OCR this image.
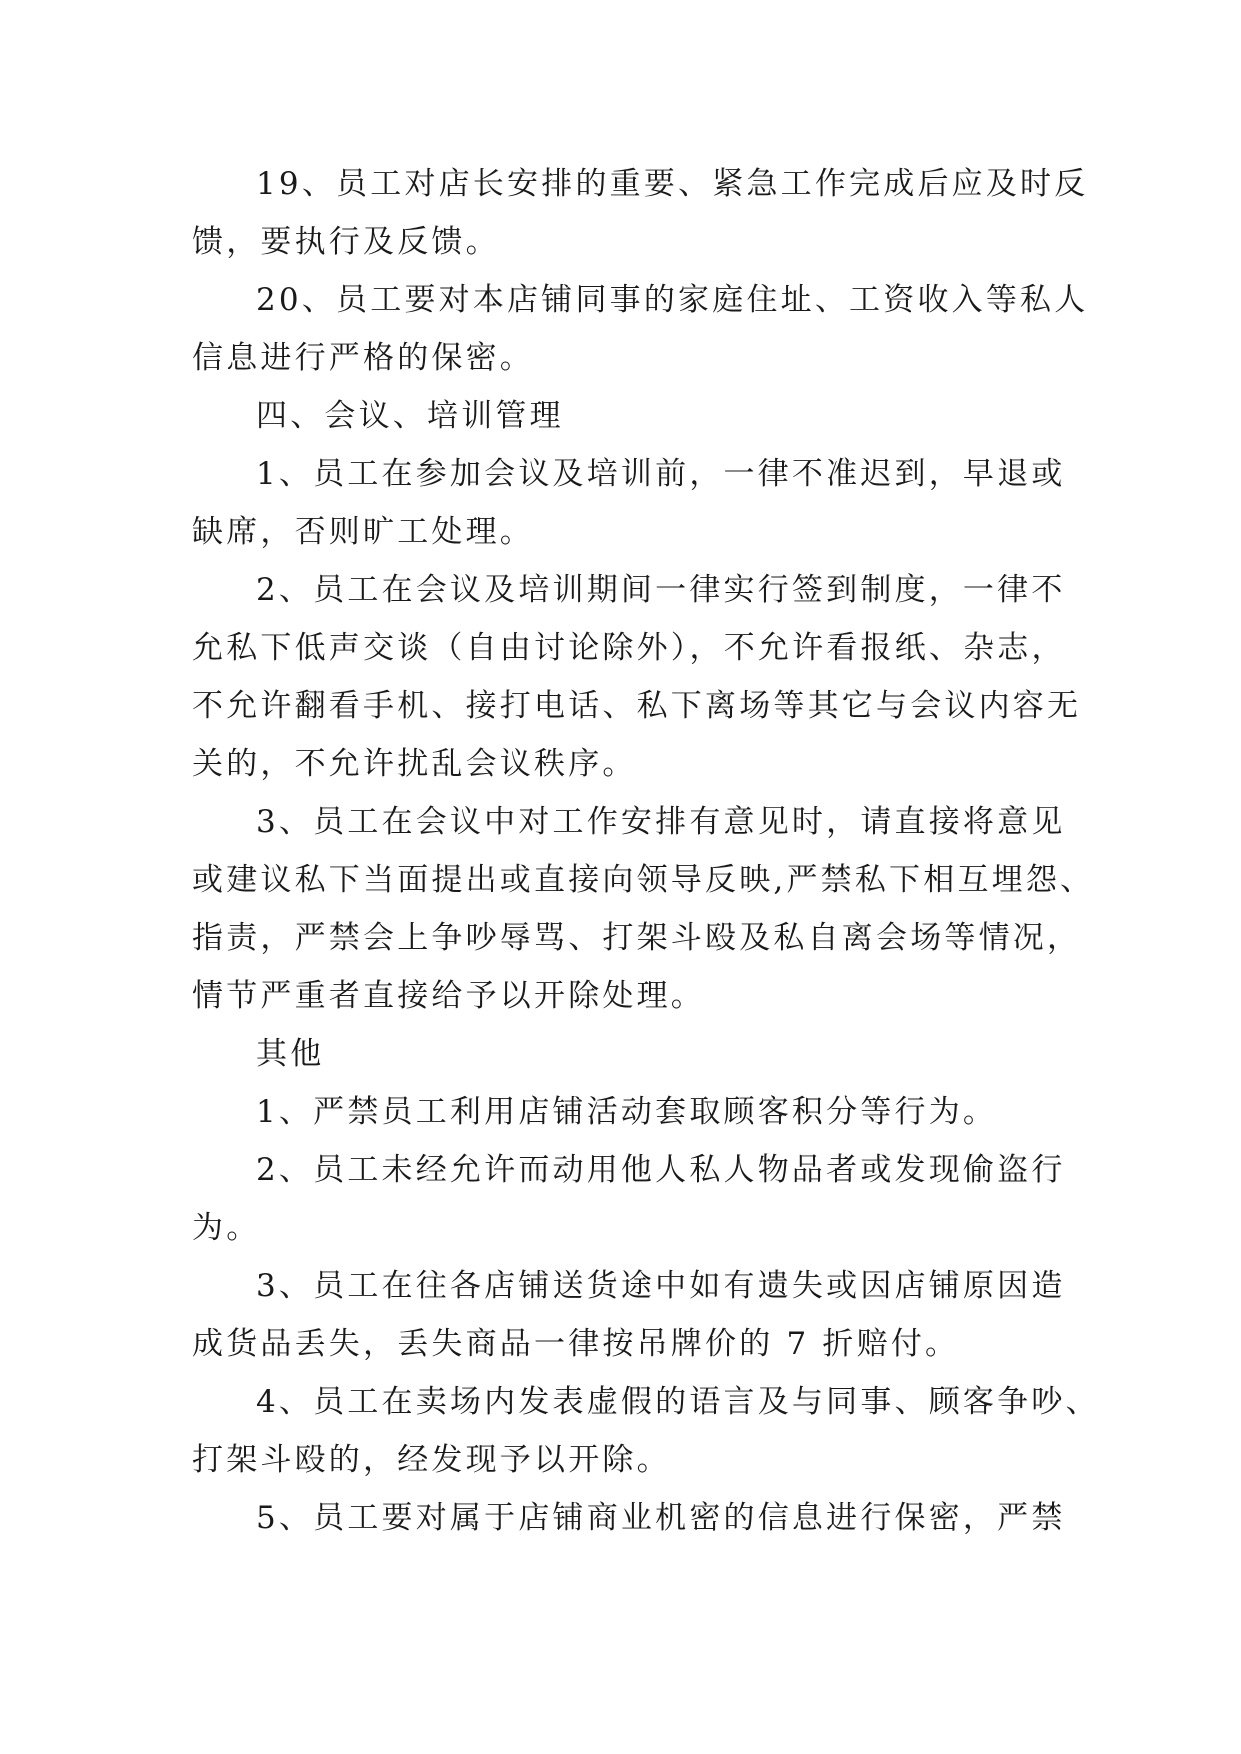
19、员工对店长安排的重要、紧急工作完成后应及时反

馈，要执行及反馈。

20、员工要对本店铺同事的家庭住址、工资收入等私人

信息进行严格的保密。

四、会议、培训管理

1、员工在参加会议及培训前，一律不准迟到，早退或

缺席，否则旷工处理。

2、员工在会议及培训期间一律实行签到制度，一律不

允私下低声交谈（自由讨论除外），不允许看报纸、杂志，

不允许翻看手机、接打电话、私下离场等其它与会议内容无

关的，不允许扰乱会议秩序。

3、员工在会议中对工作安排有意见时，请直接将意见

或建议私下当面提出或直接向领导反映,严禁私下相互埋怨、

指责，严禁会上争吵辱骂、打架斗殴及私自离会场等情况，

情节严重者直接给予以开除处理。

其他

1、严禁员工利用店铺活动套取顾客积分等行为。

2、员工未经允许而动用他人私人物品者或发现偷盗行

为。

3、员工在往各店铺送货途中如有遗失或因店铺原因造

成货品丢失，丢失商品一律按吊牌价的 7 折赔付。

4、员工在卖场内发表虚假的语言及与同事、顾客争吵、

打架斗殴的，经发现予以开除。

5、员工要对属于店铺商业机密的信息进行保密，严禁
